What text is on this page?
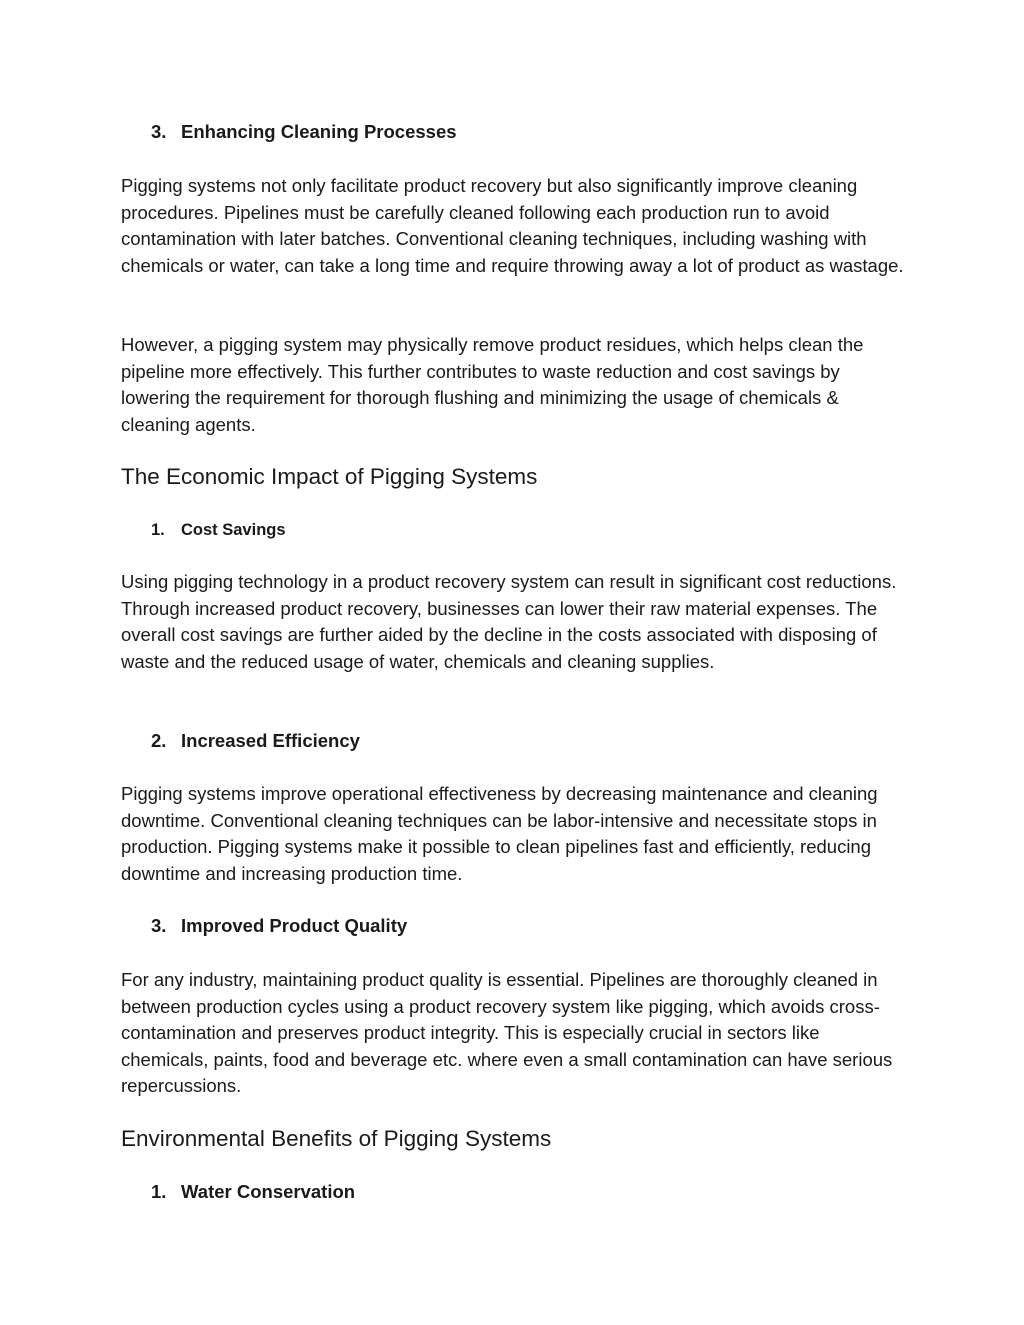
3. Enhancing Cleaning Processes

Pigging systems not only facilitate product recovery but also significantly improve cleaning procedures. Pipelines must be carefully cleaned following each production run to avoid contamination with later batches. Conventional cleaning techniques, including washing with chemicals or water, can take a long time and require throwing away a lot of product as wastage.

However, a pigging system may physically remove product residues, which helps clean the pipeline more effectively. This further contributes to waste reduction and cost savings by lowering the requirement for thorough flushing and minimizing the usage of chemicals & cleaning agents.

The Economic Impact of Pigging Systems
1. Cost Savings

Using pigging technology in a product recovery system can result in significant cost reductions. Through increased product recovery, businesses can lower their raw material expenses. The overall cost savings are further aided by the decline in the costs associated with disposing of waste and the reduced usage of water, chemicals and cleaning supplies.

2. Increased Efficiency

Pigging systems improve operational effectiveness by decreasing maintenance and cleaning downtime. Conventional cleaning techniques can be labor-intensive and necessitate stops in production. Pigging systems make it possible to clean pipelines fast and efficiently, reducing downtime and increasing production time.

3. Improved Product Quality

For any industry, maintaining product quality is essential. Pipelines are thoroughly cleaned in between production cycles using a product recovery system like pigging, which avoids cross-contamination and preserves product integrity. This is especially crucial in sectors like chemicals, paints, food and beverage etc. where even a small contamination can have serious repercussions.

Environmental Benefits of Pigging Systems
1. Water Conservation
